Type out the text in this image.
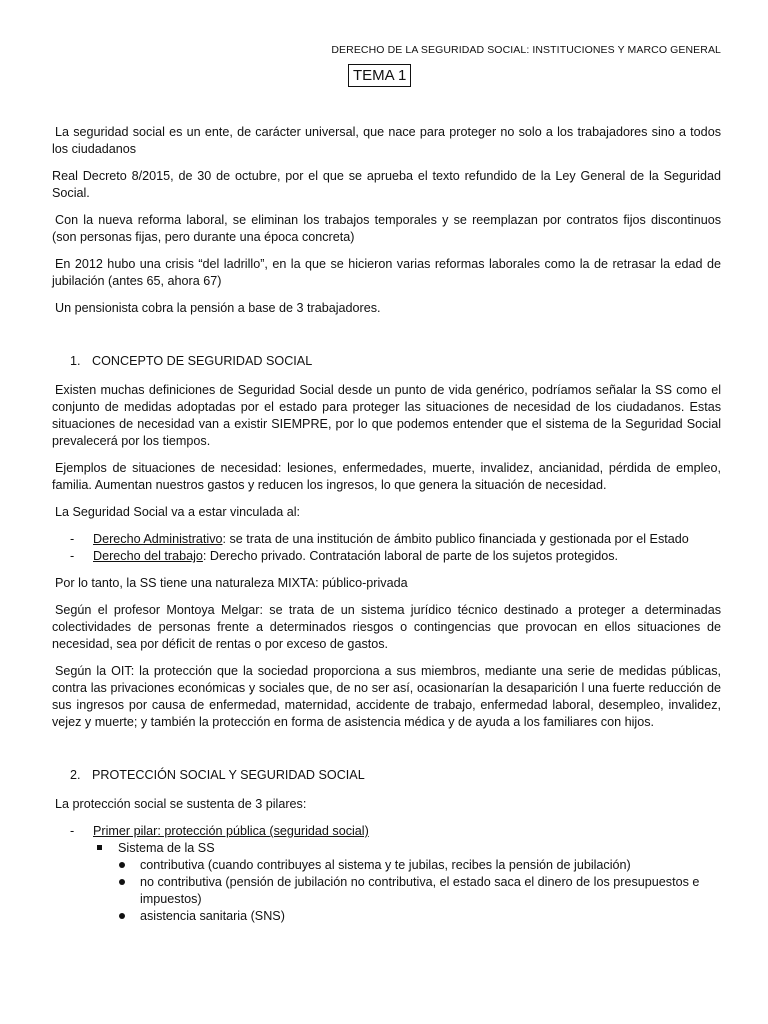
DERECHO DE LA SEGURIDAD SOCIAL: INSTITUCIONES Y MARCO GENERAL
TEMA 1

La seguridad social es un ente, de carácter universal, que nace para proteger no solo a los trabajadores sino a todos los ciudadanos

Real Decreto 8/2015, de 30 de octubre, por el que se aprueba el texto refundido de la Ley General de la Seguridad Social.

Con la nueva reforma laboral, se eliminan los trabajos temporales y se reemplazan por contratos fijos discontinuos (son personas fijas, pero durante una época concreta)

En 2012 hubo una crisis “del ladrillo”, en la que se hicieron varias reformas laborales como la de retrasar la edad de jubilación (antes 65, ahora 67)

Un pensionista cobra la pensión a base de 3 trabajadores.

1. CONCEPTO DE SEGURIDAD SOCIAL

Existen muchas definiciones de Seguridad Social desde un punto de vida genérico, podríamos señalar la SS como el conjunto de medidas adoptadas por el estado para proteger las situaciones de necesidad de los ciudadanos. Estas situaciones de necesidad van a existir SIEMPRE, por lo que podemos entender que el sistema de la Seguridad Social prevalecerá por los tiempos.

Ejemplos de situaciones de necesidad: lesiones, enfermedades, muerte, invalidez, ancianidad, pérdida de empleo, familia. Aumentan nuestros gastos y reducen los ingresos, lo que genera la situación de necesidad.

La Seguridad Social va a estar vinculada al:

- Derecho Administrativo: se trata de una institución de ámbito publico financiada y gestionada por el Estado
- Derecho del trabajo: Derecho privado. Contratación laboral de parte de los sujetos protegidos.

Por lo tanto, la SS tiene una naturaleza MIXTA: público-privada

Según el profesor Montoya Melgar: se trata de un sistema jurídico técnico destinado a proteger a determinadas colectividades de personas frente a determinados riesgos o contingencias que provocan en ellos situaciones de necesidad, sea por déficit de rentas o por exceso de gastos.

Según la OIT: la protección que la sociedad proporciona a sus miembros, mediante una serie de medidas públicas, contra las privaciones económicas y sociales que, de no ser así, ocasionarían la desaparición l una fuerte reducción de sus ingresos por causa de enfermedad, maternidad, accidente de trabajo, enfermedad laboral, desempleo, invalidez, vejez y muerte; y también la protección en forma de asistencia médica y de ayuda a los familiares con hijos.

2. PROTECCIÓN SOCIAL Y SEGURIDAD SOCIAL

La protección social se sustenta de 3 pilares:

- Primer pilar: protección pública (seguridad social)
Sistema de la SS
contributiva (cuando contribuyes al sistema y te jubilas, recibes la pensión de jubilación)
no contributiva (pensión de jubilación no contributiva, el estado saca el dinero de los presupuestos e impuestos)
asistencia sanitaria (SNS)
